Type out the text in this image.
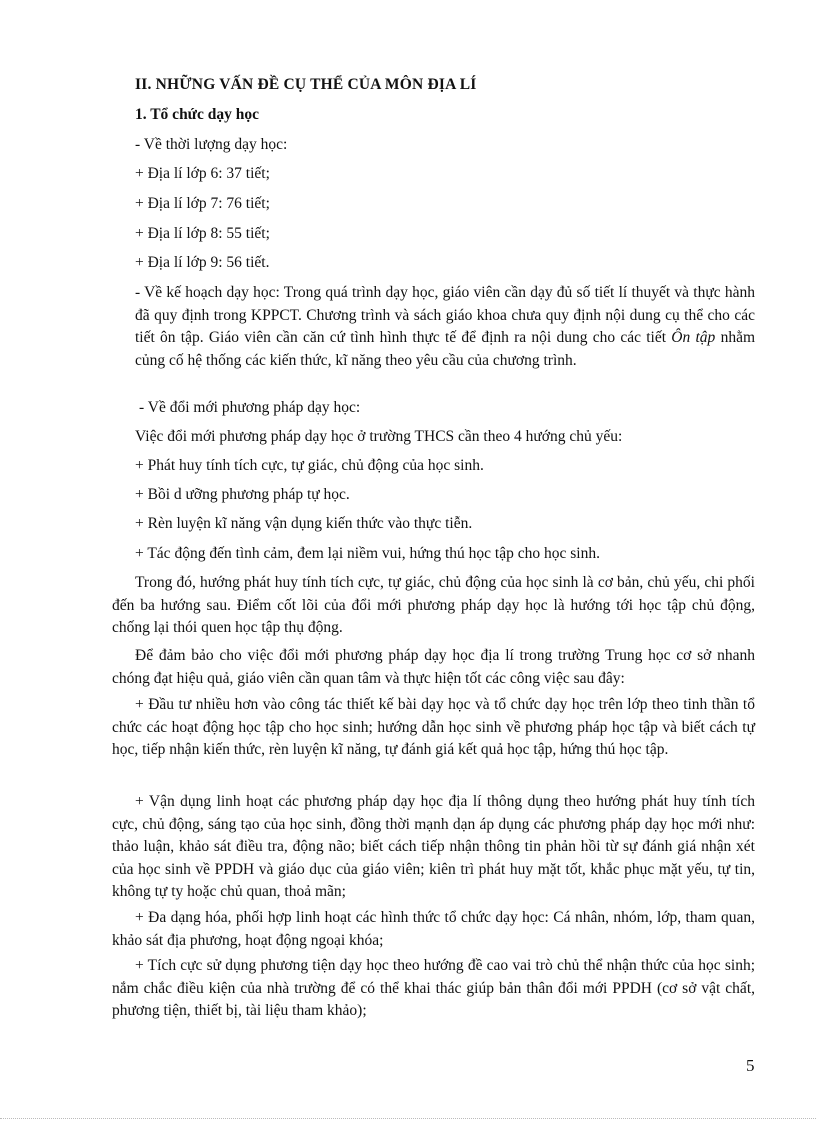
II. NHỮNG VẤN ĐỀ CỤ THỂ CỦA MÔN ĐỊA LÍ
1. Tổ chức dạy học
- Về thời lượng dạy học:
+ Địa lí lớp 6: 37 tiết;
+ Địa lí lớp 7: 76 tiết;
+ Địa lí lớp 8: 55 tiết;
+ Địa lí lớp 9: 56 tiết.
- Về kế hoạch dạy học: Trong quá trình dạy học, giáo viên cần dạy đủ số tiết lí thuyết và thực hành đã quy định trong KPPCT. Chương trình và sách giáo khoa chưa quy định nội dung cụ thể cho các tiết ôn tập. Giáo viên cần căn cứ tình hình thực tế để định ra nội dung cho các tiết Ôn tập nhằm củng cố hệ thống các kiến thức, kĩ năng theo yêu cầu của chương trình.
- Về đổi mới phương pháp dạy học:
Việc đổi mới phương pháp dạy học ở trường THCS cần theo 4 hướng chủ yếu:
+ Phát huy tính tích cực, tự giác, chủ động của học sinh.
+ Bồi d ưỡng phương pháp tự học.
+ Rèn luyện kĩ năng vận dụng kiến thức vào thực tiễn.
+ Tác động đến tình cảm, đem lại niềm vui, hứng thú học tập cho học sinh.
Trong đó, hướng phát huy tính tích cực, tự giác, chủ động của học sinh là cơ bản, chủ yếu, chi phối đến ba hướng sau. Điểm cốt lõi của đổi mới phương pháp dạy học là hướng tới học tập chủ động, chống lại thói quen học tập thụ động.
Để đảm bảo cho việc đổi mới phương pháp dạy học địa lí trong trường Trung học cơ sở nhanh chóng đạt hiệu quả, giáo viên cần quan tâm và thực hiện tốt các công việc sau đây:
+ Đầu tư nhiều hơn vào công tác thiết kế bài dạy học và tổ chức dạy học trên lớp theo tinh thần tổ chức các hoạt động học tập cho học sinh; hướng dẫn học sinh về phương pháp học tập và biết cách tự học, tiếp nhận kiến thức, rèn luyện kĩ năng, tự đánh giá kết quả học tập, hứng thú học tập.
+ Vận dụng linh hoạt các phương pháp dạy học địa lí thông dụng theo hướng phát huy tính tích cực, chủ động, sáng tạo của học sinh, đồng thời mạnh dạn áp dụng các phương pháp dạy học mới như: thảo luận, khảo sát điều tra, động não; biết cách tiếp nhận thông tin phản hồi từ sự đánh giá nhận xét của học sinh về PPDH và giáo dục của giáo viên; kiên trì phát huy mặt tốt, khắc phục mặt yếu, tự tin, không tự ty hoặc chủ quan, thoả mãn;
+ Đa dạng hóa, phối hợp linh hoạt các hình thức tổ chức dạy học: Cá nhân, nhóm, lớp, tham quan, khảo sát địa phương, hoạt động ngoại khóa;
+ Tích cực sử dụng phương tiện dạy học theo hướng đề cao vai trò chủ thể nhận thức của học sinh; nắm chắc điều kiện của nhà trường để có thể khai thác giúp bản thân đổi mới PPDH (cơ sở vật chất, phương tiện, thiết bị, tài liệu tham khảo);
5
